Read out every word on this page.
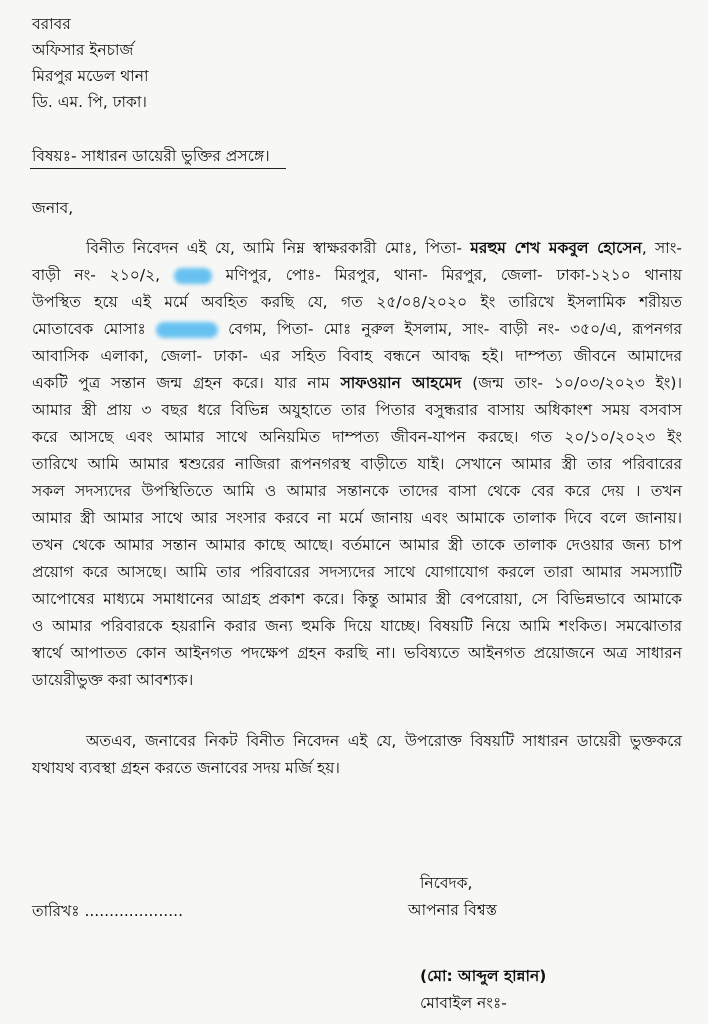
বরাবর
অফিসার ইনচার্জ
মিরপুর মডেল থানা
ডি. এম. পি, ঢাকা।
বিষয়ঃ- সাধারন ডায়েরী ভুক্তির প্রসঙ্গে।
জনাব,
বিনীত নিবেদন এই যে, আমি নিম্ন স্বাক্ষরকারী মোঃ, পিতা- মরহুম শেখ মকবুল হোসেন, সাং-
বাড়ী নং- ২১০/২,	মণিপুর, পোঃ- মিরপুর, থানা- মিরপুর, জেলা- ঢাকা-১২১০ থানায়
উপস্থিত হয়ে এই মর্মে অবহিত করছি যে, গত ২৫/০৪/২০২০ ইং তারিখে ইসলামিক শরীয়ত
মোতাবেক মোসাঃ	বেগম, পিতা- মোঃ নুরুল ইসলাম, সাং- বাড়ী নং- ৩৫০/এ, রূপনগর
আবাসিক এলাকা, জেলা- ঢাকা- এর সহিত বিবাহ বন্ধনে আবদ্ধ হই। দাম্পত্য জীবনে আমাদের
একটি পুত্র সন্তান জন্ম গ্রহন করে। যার নাম সাফওয়ান আহমেদ (জন্ম তাং- ১০/০৩/২০২৩ ইং)।
আমার স্ত্রী প্রায় ৩ বছর ধরে বিভিন্ন অযুহাতে তার পিতার বসুন্ধরার বাসায় অধিকাংশ সময় বসবাস
করে আসছে এবং আমার সাথে অনিয়মিত দাম্পত্য জীবন-যাপন করছে। গত ২০/১০/২০২৩ ইং
তারিখে আমি আমার শ্বশুরের নাজিরা রূপনগরস্থ বাড়ীতে যাই। সেখানে আমার স্ত্রী তার পরিবারের
সকল সদস্যদের উপস্থিতিতে আমি ও আমার সন্তানকে তাদের বাসা থেকে বের করে দেয় । তখন
আমার স্ত্রী আমার সাথে আর সংসার করবে না মর্মে জানায় এবং আমাকে তালাক দিবে বলে জানায়।
তখন থেকে আমার সন্তান আমার কাছে আছে। বর্তমানে আমার স্ত্রী তাকে তালাক দেওয়ার জন্য চাপ
প্রয়োগ করে আসছে। আমি তার পরিবারের সদস্যদের সাথে যোগাযোগ করলে তারা আমার সমস্যাটি
আপোষের মাধ্যমে সমাধানের আগ্রহ প্রকাশ করে। কিন্তু আমার স্ত্রী বেপরোয়া, সে বিভিন্নভাবে আমাকে
ও আমার পরিবারকে হয়রানি করার জন্য হুমকি দিয়ে যাচ্ছে। বিষয়টি নিয়ে আমি শংকিত। সমঝোতার
স্বার্থে আপাতত কোন আইনগত পদক্ষেপ গ্রহন করছি না। ভবিষ্যতে আইনগত প্রয়োজনে অত্র সাধারন
ডায়েরীভুক্ত করা আবশ্যক।
অতএব, জনাবের নিকট বিনীত নিবেদন এই যে, উপরোক্ত বিষয়টি সাধারন ডায়েরী ভুক্তকরে
যথাযথ ব্যবস্থা গ্রহন করতে জনাবের সদয় মর্জি হয়।
নিবেদক,
আপনার বিশ্বস্ত
তারিখঃ ....................
(মো: আব্দুল হান্নান)
মোবাইল নংঃ-
